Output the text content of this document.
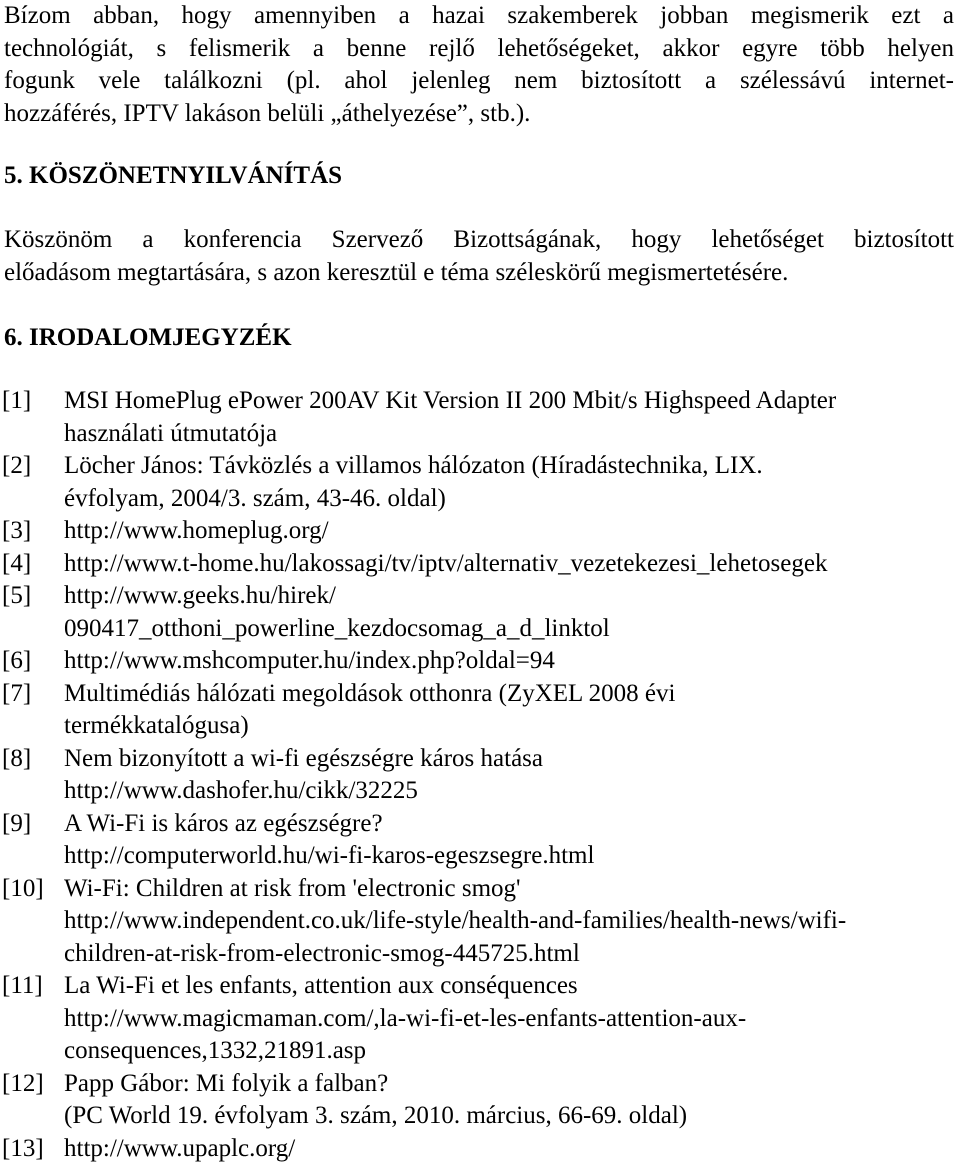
Bízom abban, hogy amennyiben a hazai szakemberek jobban megismerik ezt a
technológiát, s felismerik a benne rejlő lehetőségeket, akkor egyre több helyen
fogunk vele találkozni (pl. ahol jelenleg nem biztosított a szélessávú internet-
hozzáférés, IPTV lakáson belüli „áthelyezése”, stb.).
5. KÖSZÖNETNYILVÁNÍTÁS
Köszönöm a konferencia Szervező Bizottságának, hogy lehetőséget biztosított
előadásom megtartására, s azon keresztül e téma széleskörű megismertetésére.
6. IRODALOMJEGYZÉK
[1] MSI HomePlug ePower 200AV Kit Version II 200 Mbit/s Highspeed Adapter
használati útmutatója
[2] Löcher János: Távközlés a villamos hálózaton (Híradástechnika, LIX.
évfolyam, 2004/3. szám, 43-46. oldal)
[3] http://www.homeplug.org/
[4] http://www.t-home.hu/lakossagi/tv/iptv/alternativ_vezetekezesi_lehetosegek
[5] http://www.geeks.hu/hirek/
090417_otthoni_powerline_kezdocsomag_a_d_linktol
[6] http://www.mshcomputer.hu/index.php?oldal=94
[7] Multimédiás hálózati megoldások otthonra (ZyXEL 2008 évi
termékkatalógusa)
[8] Nem bizonyított a wi-fi egészségre káros hatása
http://www.dashofer.hu/cikk/32225
[9] A Wi-Fi is káros az egészségre?
http://computerworld.hu/wi-fi-karos-egeszsegre.html
[10] Wi-Fi: Children at risk from 'electronic smog'
http://www.independent.co.uk/life-style/health-and-families/health-news/wifi-
children-at-risk-from-electronic-smog-445725.html
[11] La Wi-Fi et les enfants, attention aux conséquences
http://www.magicmaman.com/,la-wi-fi-et-les-enfants-attention-aux-
consequences,1332,21891.asp
[12] Papp Gábor: Mi folyik a falban?
(PC World 19. évfolyam 3. szám, 2010. március, 66-69. oldal)
[13] http://www.upaplc.org/
